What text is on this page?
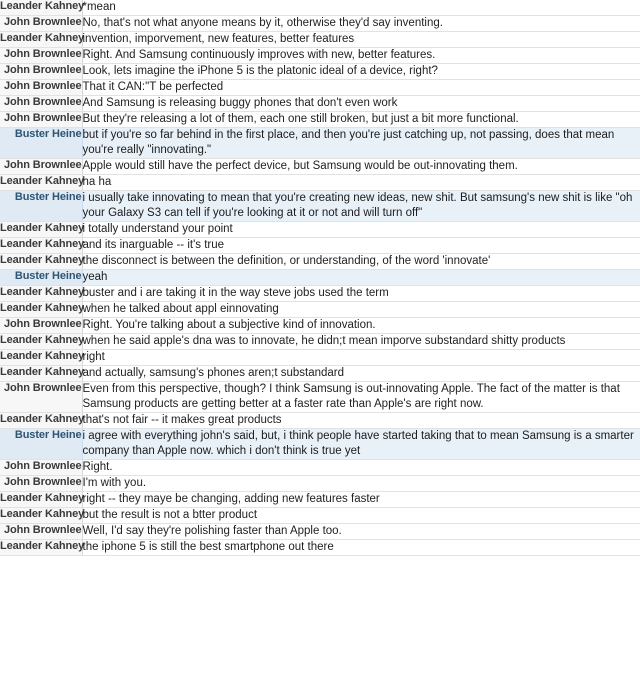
Leander Kahney	*mean
John Brownlee	No, that's not what anyone means by it, otherwise they'd say inventing.
Leander Kahney	invention, imporvement, new features, better features
John Brownlee	Right. And Samsung continuously improves with new, better features.
John Brownlee	Look, lets imagine the iPhone 5 is the platonic ideal of a device, right?
John Brownlee	That it CAN:"T be perfected
John Brownlee	And Samsung is releasing buggy phones that don't even work
John Brownlee	But they're releasing a lot of them, each one still broken, but just a bit more functional.
Buster Heine	but if you're so far behind in the first place, and then you're just catching up, not passing, does that mean you're really "innovating."
John Brownlee	Apple would still have the perfect device, but Samsung would be out-innovating them.
Leander Kahney	ha ha
Buster Heine	i usually take innovating to mean that you're creating new ideas, new shit. But samsung's new shit is like "oh your Galaxy S3 can tell if you're looking at it or not and will turn off"
Leander Kahney	i totally understand your point
Leander Kahney	and its inarguable -- it's true
Leander Kahney	the disconnect is between the definition, or understanding, of the word 'innovate'
Buster Heine	yeah
Leander Kahney	buster and i are taking it in the way steve jobs used the term
Leander Kahney	when he talked about appl einnovating
John Brownlee	Right. You're talking about a subjective kind of innovation.
Leander Kahney	when he said apple's dna was to innovate, he didn;t mean imporve substandard shitty products
Leander Kahney	right
Leander Kahney	and actually, samsung's phones aren;t substandard
John Brownlee	Even from this perspective, though? I think Samsung is out-innovating Apple. The fact of the matter is that Samsung products are getting better at a faster rate than Apple's are right now.
Leander Kahney	that's not fair -- it makes great products
Buster Heine	i agree with everything john's said, but, i think people have started taking that to mean Samsung is a smarter company than Apple now. which i don't think is true yet
John Brownlee	Right.
John Brownlee	I'm with you.
Leander Kahney	right -- they maye be changing, adding new features faster
Leander Kahney	but the result is not a btter product
John Brownlee	Well, I'd say they're polishing faster than Apple too.
Leander Kahney	the iphone 5 is still the best smartphone out there
